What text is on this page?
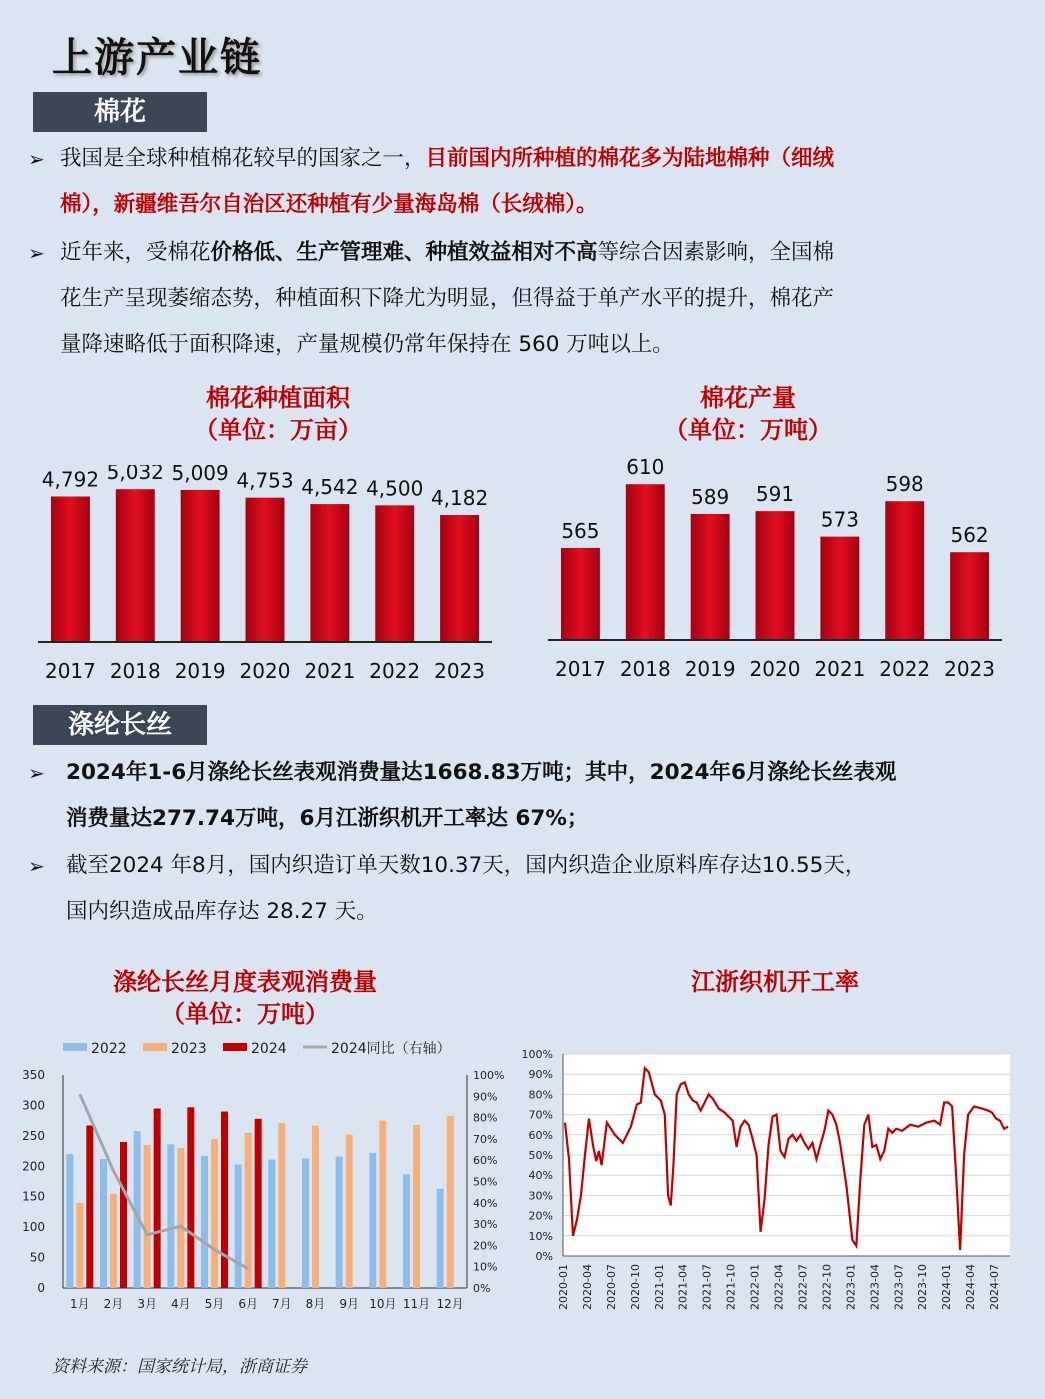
上游产业链
棉花
➢ 我国是全球种植棉花较早的国家之一，目前国内所种植的棉花多为陆地棉种（细绒
棉），新疆维吾尔自治区还种植有少量海岛棉（长绒棉）。
➢ 近年来，受棉花价格低、生产管理难、种植效益相对不高等综合因素影响，全国棉
花生产呈现萎缩态势，种植面积下降尤为明显，但得益于单产水平的提升，棉花产
量降速略低于面积降速，产量规模仍常年保持在 560 万吨以上。
棉花种植面积
（单位：万亩）
4,792
2017
5,032
2018
5,009
2019
4,753
2020
4,542
2021
4,500
2022
4,182
2023
棉花产量
（单位：万吨）
565
2017
610
2018
589
2019
591
2020
573
2021
598
2022
562
2023
涤纶长丝
➢ 2024年1-6月涤纶长丝表观消费量达1668.83万吨；其中，2024年6月涤纶长丝表观
消费量达277.74万吨，6月江浙织机开工率达 67%；
➢ 截至2024 年8月，国内织造订单天数10.37天，国内织造企业原料库存达10.55天，
国内织造成品库存达 28.27 天。
涤纶长丝月度表观消费量
（单位：万吨）
2022	2023	2024	2024同比（右轴）
0
50
100
150
200
250
300
350
0%
10%
20%
30%
40%
50%
60%
70%
80%
90%
100%
1月 2月 3月 4月 5月 6月 7月 8月 9月 10月 11月 12月
江浙织机开工率
0%
10%
20%
30%
40%
50%
60%
70%
80%
90%
100%
2020-01 2020-04 2020-07 2020-10 2021-01 2021-04 2021-07 2021-10 2022-01 2022-04 2022-07 2022-10 2023-01 2023-04 2023-07 2023-10 2024-01 2024-04 2024-07
资料来源：国家统计局，浙商证券
